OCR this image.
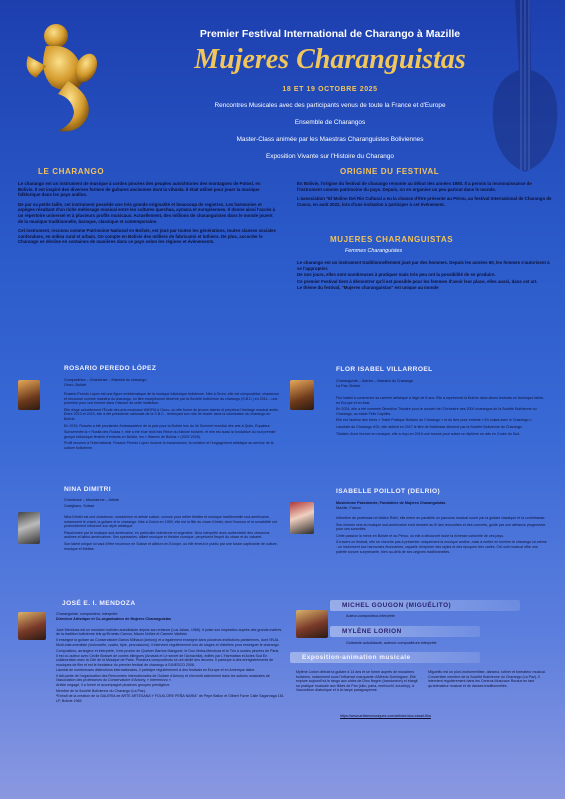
Premier Festival International de Charango à Mazille
Mujeres Charanguistas
18 ET 19 OCTOBRE 2025
Rencontres Musicales avec des participants venus de toute la France et d'Europe
Ensemble de Charangos
Master-Class animée par les Maestras Charanguistes Boliviennes
Exposition Vivante sur l'Histoire du Charango
LE CHARANGO

Le charango est un instrument de musique à cordes pincées des peuples autochtones des montagnes de Potosí, en Bolivie. Il est inspiré des diverses formes de guitares anciennes dont la vihuela. Il était utilisé pour jouer la musique folklorique dans les pays andins.

De par sa petite taille, cet instrument possède une très grande originalité et beaucoup de registres. Les harmonies et arpèges résultant d'un riche métissage musical entre les cultures quechua, aymara et européennes. Il donne ainsi l'accès à un répertoire universel et à plusieurs profils musicaux. Actuellement, des millions de charanguistes dans le monde jouent de la musique traditionnelle, baroque, classique et contemporaine.

Cet instrument, reconnu comme Patrimoine National en Bolivie, est joué par toutes les générations, toutes classes sociales confondues, en milieu rural et urbain. On compte en Bolivie des milliers de fabricants et luthiers. De plus, accorder le Charango se décline en centaines de manières dans ce pays selon les régions et évènements.

ORIGINE DU FESTIVAL

En Bolivie, l'origine du festival de charango remonte au début des années 1980. Il a permis la reconnaissance de l'instrument comme patrimoine du pays. Depuis, on en organise un peu partout dans le monde.

L'association "El Molino Del Rio Cultural a eu la chance d'être présente au Pérou, au festival International de Charango de Cusco, en août 2022, lors d'une invitation à participer à cet événement.

MUJERES CHARANGUISTAS
Femmes Charanguistes

Le charango est un instrument traditionnellement joué par des hommes. Depuis les années 60, les femmes s'autorisent à se l'approprier.

De nos jours, elles sont nombreuses à pratiquer mais très peu ont la possibilité de se produire.

Ce premier Festival tient à démontrer qu'il est possible pour les femmes d'avoir leur place, elles aussi, dans cet art.

Le thème du festival, "Mujeres charanguistas" est unique au monde

ROSARIO PEREDO LÓPEZ
Compositrice – Chanteuse – Maestra du charango
Oruro, Bolivie

Rosario Peredo López est une figure emblématique de la musique folklorique bolivienne. Née à Oruro, elle est compositrice, chanteuse et reconnue comme maestra du charango, un titre exceptionnel décerné par la Société bolivienne du charango (S.B.C.) en 2011 – une première pour une femme dans l'histoire de cette institution.

Elle dirige actuellement l'École des arts musicaux WAYRA à Oruro, où elle forme de jeunes talents et perpétue l'héritage musical andin. Entre 2013 et 2015, elle a été présidente nationale de la S.B.C., renforçant son rôle de leader dans la valorisation du charango en Bolivie.

En 2019, Rosario a été proclamée Ambassadrice de la paix pour la Bolivie lors du 3e Sommet mondial des arts à Quito, Équateur.

Surnommée la « Rosita des Ruisas », elle a été élue trois fois Reine du folklore bolivien, et elle est aussi la fondatrice du tout premier groupe folklorique féminin d'enfants en Bolivie, les « Warmis de Bolivia » (2007-2025).

Profil reconnu à l'international, Rosario Peredo López incarne la transmission, la création et l'engagement artistique au service de la culture bolivienne.

NINA DIMITRI
Chanteuse – Musicienne – Artiste
Cavigliano, Suisse

Nina Dimitri est une chanteuse, musicienne et artiste suisse, connue pour mêler théâtre et musique traditionnelle sud-américaine, notamment le chant, la guitare et le charango. Née à Zurich en 1959, elle est la fille du clown Dimitri, dont l'humour et la sensibilité ont profondément influencé son style artistique.

Passionnée par la musique sud-américaine, en particulier bolivienne et argentine, Nina interprète avec authenticité des chansons andines et latino-américaines. Ses spectacles, alliant musique et théâtre comique, perpétuent l'esprit du clown et du cabaret.

Son talent unique lui vaut d'être reconnue en Suisse et ailleurs en Europe, où elle émeut le public par une fusion captivante de culture, musique et théâtre.

JOSÉ E. I. MENDOZA
Charanguiste, compositeur, interprète
Directeur Artistique et Co-organisateur de Mujeres Charanguistas

José Mendoza est un musicien bolivien autodidacte depuis son enfance (Los Jairas, 1966). Il puise son inspiration auprès des grands maîtres de la tradition bolivienne tels qu'Ernesto Cavour, Mauro Núñez et Carmen Valdivia.

Il enseigne la guitare au Conservatoire Darius Milhaud (Antony) et a également enseigné dans plusieurs institutions parisiennes, dont l'INJA.

Multi-instrumentiste (violoncelle, cuatro, tiple, percussions), il intervient régulièrement lors de stages et d'ateliers pour enseigner le charango.

Compositeur, arrangeur et interprète, il est proche de Quetzer Barrios Mangoné, le Duo Verba-Mendoza et le Trio à cordes pincées de Paris.

Il est co-auteur avec Cécile Boisset de contes bilingues (Amauta et Le secret de l'Achachila), édités par L'Harmattan et Actes Sud En collaboration avec la Cité de la Musique de Paris. Plusieurs compositeurs lui ont dédié des œuvres. Il participe à des enregistrements de musiques de film et est le fondateur du premier festival de charango à l'UNESCO 2008.

Lauréat de nombreuses distinctions internationales, il participe régulièrement à des festivals en Europe et en Amérique latine.

Il fait partie de l'organisation des Rencontres Internationales de Guitare d'Antony et s'investit activement dans les actions musicales de l'association des professeurs du Conservatoire d'Antony, « Intermezzo ».

Artiste engagé, il a formé et accompagné plusieurs groupes prestigieux.

Membre de la Société Bolivienne du Charango (La Paz).

*Extrait de la création de la GALERIA de ARTE ARTESANA Y FOLKLORE PEÑA NARIA" de Pepe Ballon et Gilbert Favre Calle Sagarnaga 161 LP, Bolivie 1965

FLOR ISABEL VILLARROEL
Charanguiste – Autrice – Maestra du Charango
La Paz, Bolivie

Flor Isabel a commencé sa carrière artistique à l'âge de 8 ans. Elle a représenté la Bolivie dans divers festivals en Amérique latine, en Europe et en Asie.

En 2024, elle a été nommée Directrice Titulaire pour le concert de l'Orchestre des 2000 charangos de la Société Bolivienne du Charango, au stade Félix Capriles.

Elle est l'autrice des livres « Traité Pratique Bolivien du Charango » et du livre pour enfants « En volant avec le Charango ».

Lauréate du Charango d'Or, elle obtient en 2017 le titre de Maîtresse décerné par la Société Bolivienne du Charango.

Titulaire d'une licence en musique, elle a reçu en 2019 une bourse pour suivre un diplôme en arts en Corée du Sud.

ISABELLE POILLOT (DELRIO)
Musicienne Passionnée, Fondatrice de Mujeres Charanguistas
Mazille, France

Infirmière de profession et Maître Reiki, elle mène en parallèle un parcours musical nourri par la guitare classique et la contrebasse.

Son chemin vers la musique sud-américaine s'est dessiné au fil des rencontres et des concerts, guidé par une attirance progressive pour ces sonorités.

Cette passion la mène en Bolivie et au Pérou, où elle a découvert toute la richesse culturelle de ces pays.

À travers ce festival, elle ne cherche pas à présenter uniquement la musique andine, mais à mettre en lumière le charango lui-même : un instrument aux harmonies étonnantes, capable d'explorer des styles et des époques très variés. Cet outil musical offre une palette sonore surprenante, bien au-delà de ses origines traditionnelles.

MICHEL GOUGON (MIGUÉLITO)
Auteur-compositeur-interprète
MYLÈNE LORION
Guitariste autodidacte, auteure-compositeure-interprète
Exposition-animation musicale
Mylène Lorion débute la guitare à 14 ans et se forme auprès de musiciens boliviens, notamment sous l'influence marquante d'Alfredo Dominguez. Elle explore aujourd'hui le tango aux côtés de Dino Negrin (bandonéon) et élargit sa pratique musicale aux flûtes de Pan (siku, pana, mericuchi, kouchky), à l'accordéon diatonique et à la harpe paraguayenne.
Miguelito est un pluri-instrumentiste, danseur, luthier et formateur musical. Concertiste membre de la Société Bolivienne du Charango (La Paz), il intervient régulièrement dans les Centros Musicaux Ruraux en tant qu'animateur musical et de danses traditionnelles.
https://www.artistesmusiques.com/artistes/duo-siwari-fika
